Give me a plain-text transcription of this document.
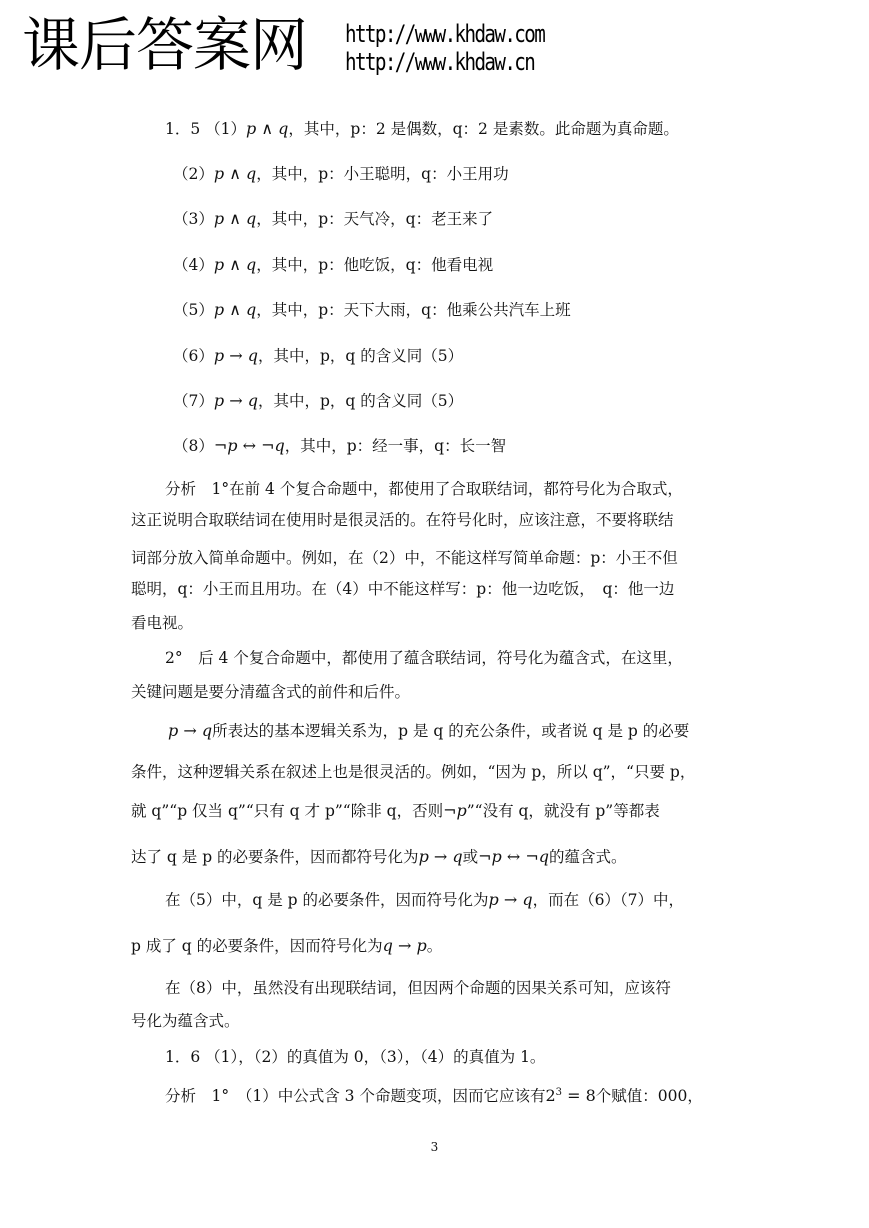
课后答案网 http://www.khdaw.com
http://www.khdaw.cn
1．5 （1）p ∧ q，其中，p：2 是偶数，q：2 是素数。此命题为真命题。
（2）p ∧ q，其中，p：小王聪明，q：小王用功
（3）p ∧ q，其中，p：天气冷，q：老王来了
（4）p ∧ q，其中，p：他吃饭，q：他看电视
（5）p ∧ q，其中，p：天下大雨，q：他乘公共汽车上班
（6）p → q，其中，p，q 的含义同（5）
（7）p → q，其中，p，q 的含义同（5）
（8）¬p ↔ ¬q，其中，p：经一事，q：长一智
分析　1°在前 4 个复合命题中，都使用了合取联结词，都符号化为合取式，
这正说明合取联结词在使用时是很灵活的。在符号化时，应该注意，不要将联结
词部分放入简单命题中。例如，在（2）中，不能这样写简单命题：p：小王不但
聪明，q：小王而且用功。在（4）中不能这样写：p：他一边吃饭，　q：他一边
看电视。
2°　后 4 个复合命题中，都使用了蕴含联结词，符号化为蕴含式，在这里，
关键问题是要分清蕴含式的前件和后件。
p → q所表达的基本逻辑关系为，p 是 q 的充公条件，或者说 q 是 p 的必要
条件，这种逻辑关系在叙述上也是很灵活的。例如，“因为 p，所以 q”，“只要 p，
就 q”“p 仅当 q”“只有 q 才 p”“除非 q，否则¬p”“没有 q，就没有 p”等都表
达了 q 是 p 的必要条件，因而都符号化为p → q或¬p ↔ ¬q的蕴含式。
在（5）中，q 是 p 的必要条件，因而符号化为p → q，而在（6）（7）中，
p 成了 q 的必要条件，因而符号化为q → p。
在（8）中，虽然没有出现联结词，但因两个命题的因果关系可知，应该符
号化为蕴含式。
1．6 （1），（2）的真值为 0，（3），（4）的真值为 1。
分析　1°　（1）中公式含 3 个命题变项，因而它应该有$2^3 = 8$个赋值：000，
3
